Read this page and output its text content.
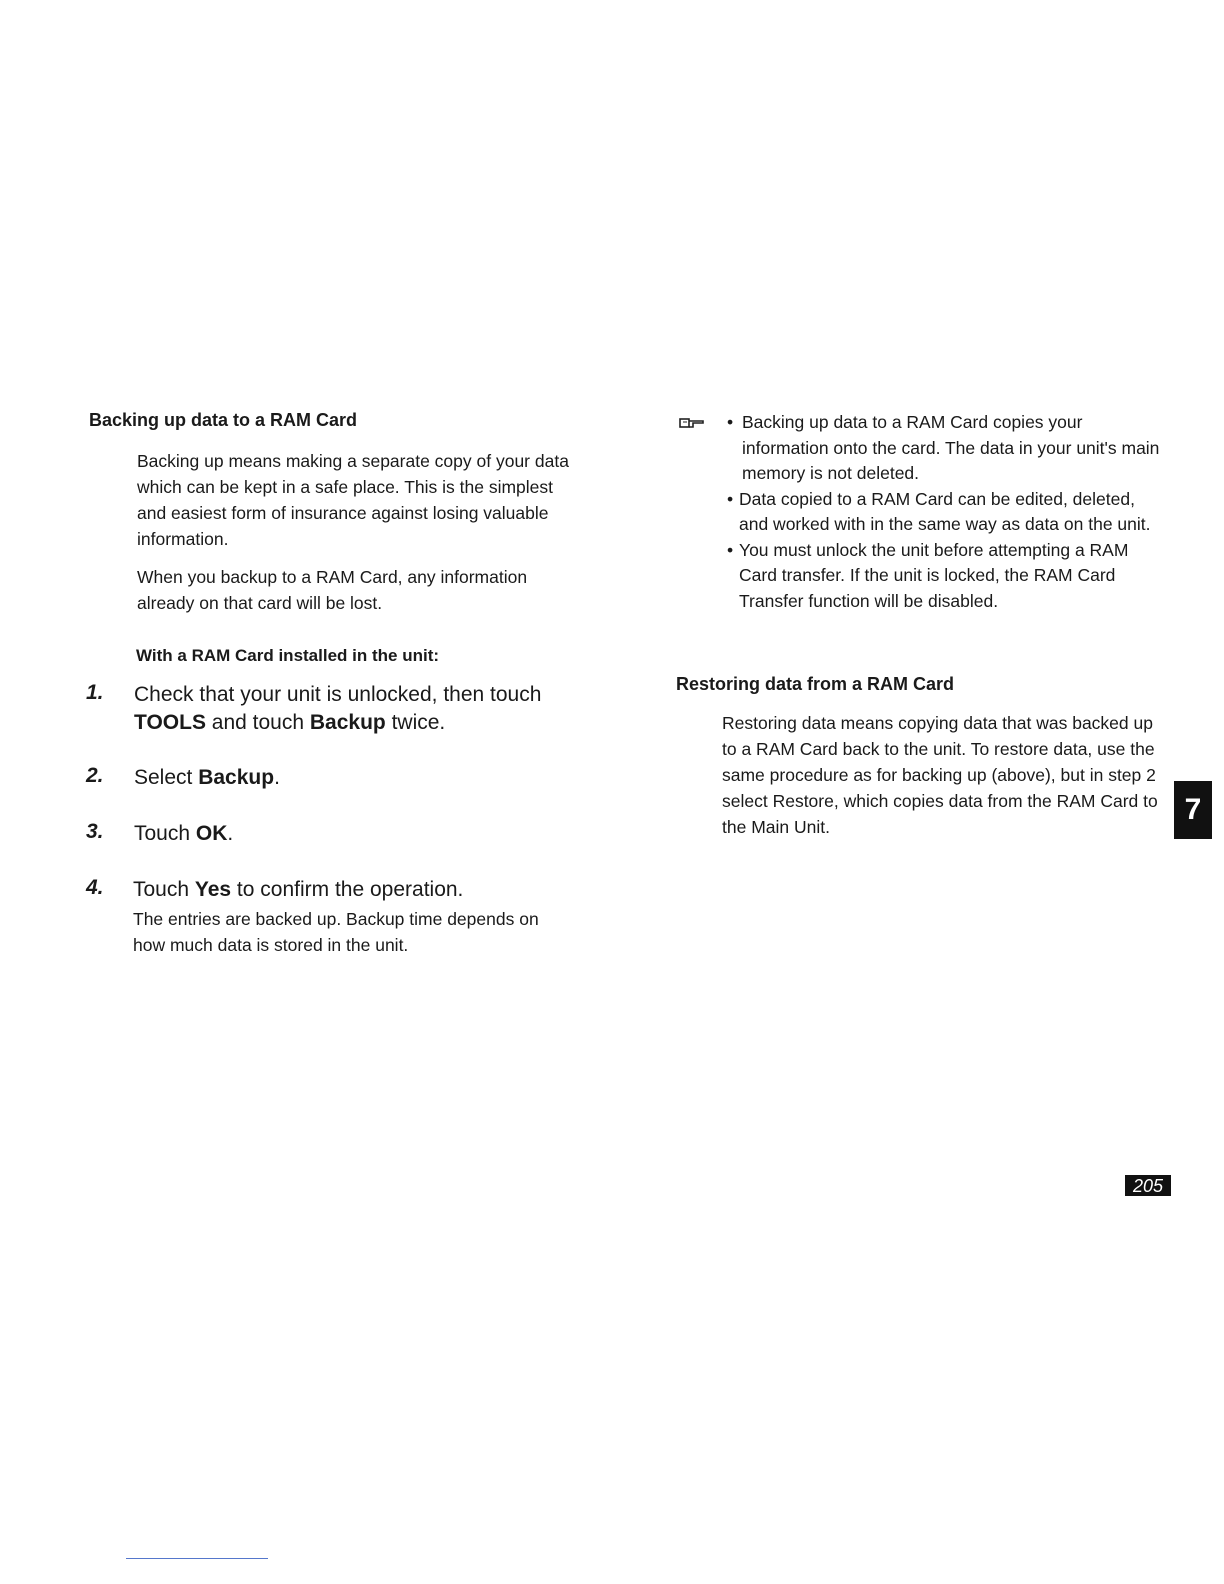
Backing up data to a RAM Card

Backing up means making a separate copy of your data which can be kept in a safe place. This is the simplest and easiest form of insurance against losing valuable information.

When you backup to a RAM Card, any information already on that card will be lost.

With a RAM Card installed in the unit:
1. Check that your unit is unlocked, then touch TOOLS and touch Backup twice.
2. Select Backup.
3. Touch OK.
4. Touch Yes to confirm the operation.
The entries are backed up. Backup time depends on how much data is stored in the unit.
• Backing up data to a RAM Card copies your information onto the card. The data in your unit's main memory is not deleted.
• Data copied to a RAM Card can be edited, deleted, and worked with in the same way as data on the unit.
• You must unlock the unit before attempting a RAM Card transfer. If the unit is locked, the RAM Card Transfer function will be disabled.
Restoring data from a RAM Card

Restoring data means copying data that was backed up to a RAM Card back to the unit. To restore data, use the same procedure as for backing up (above), but in step 2 select Restore, which copies data from the RAM Card to the Main Unit.

7
205
